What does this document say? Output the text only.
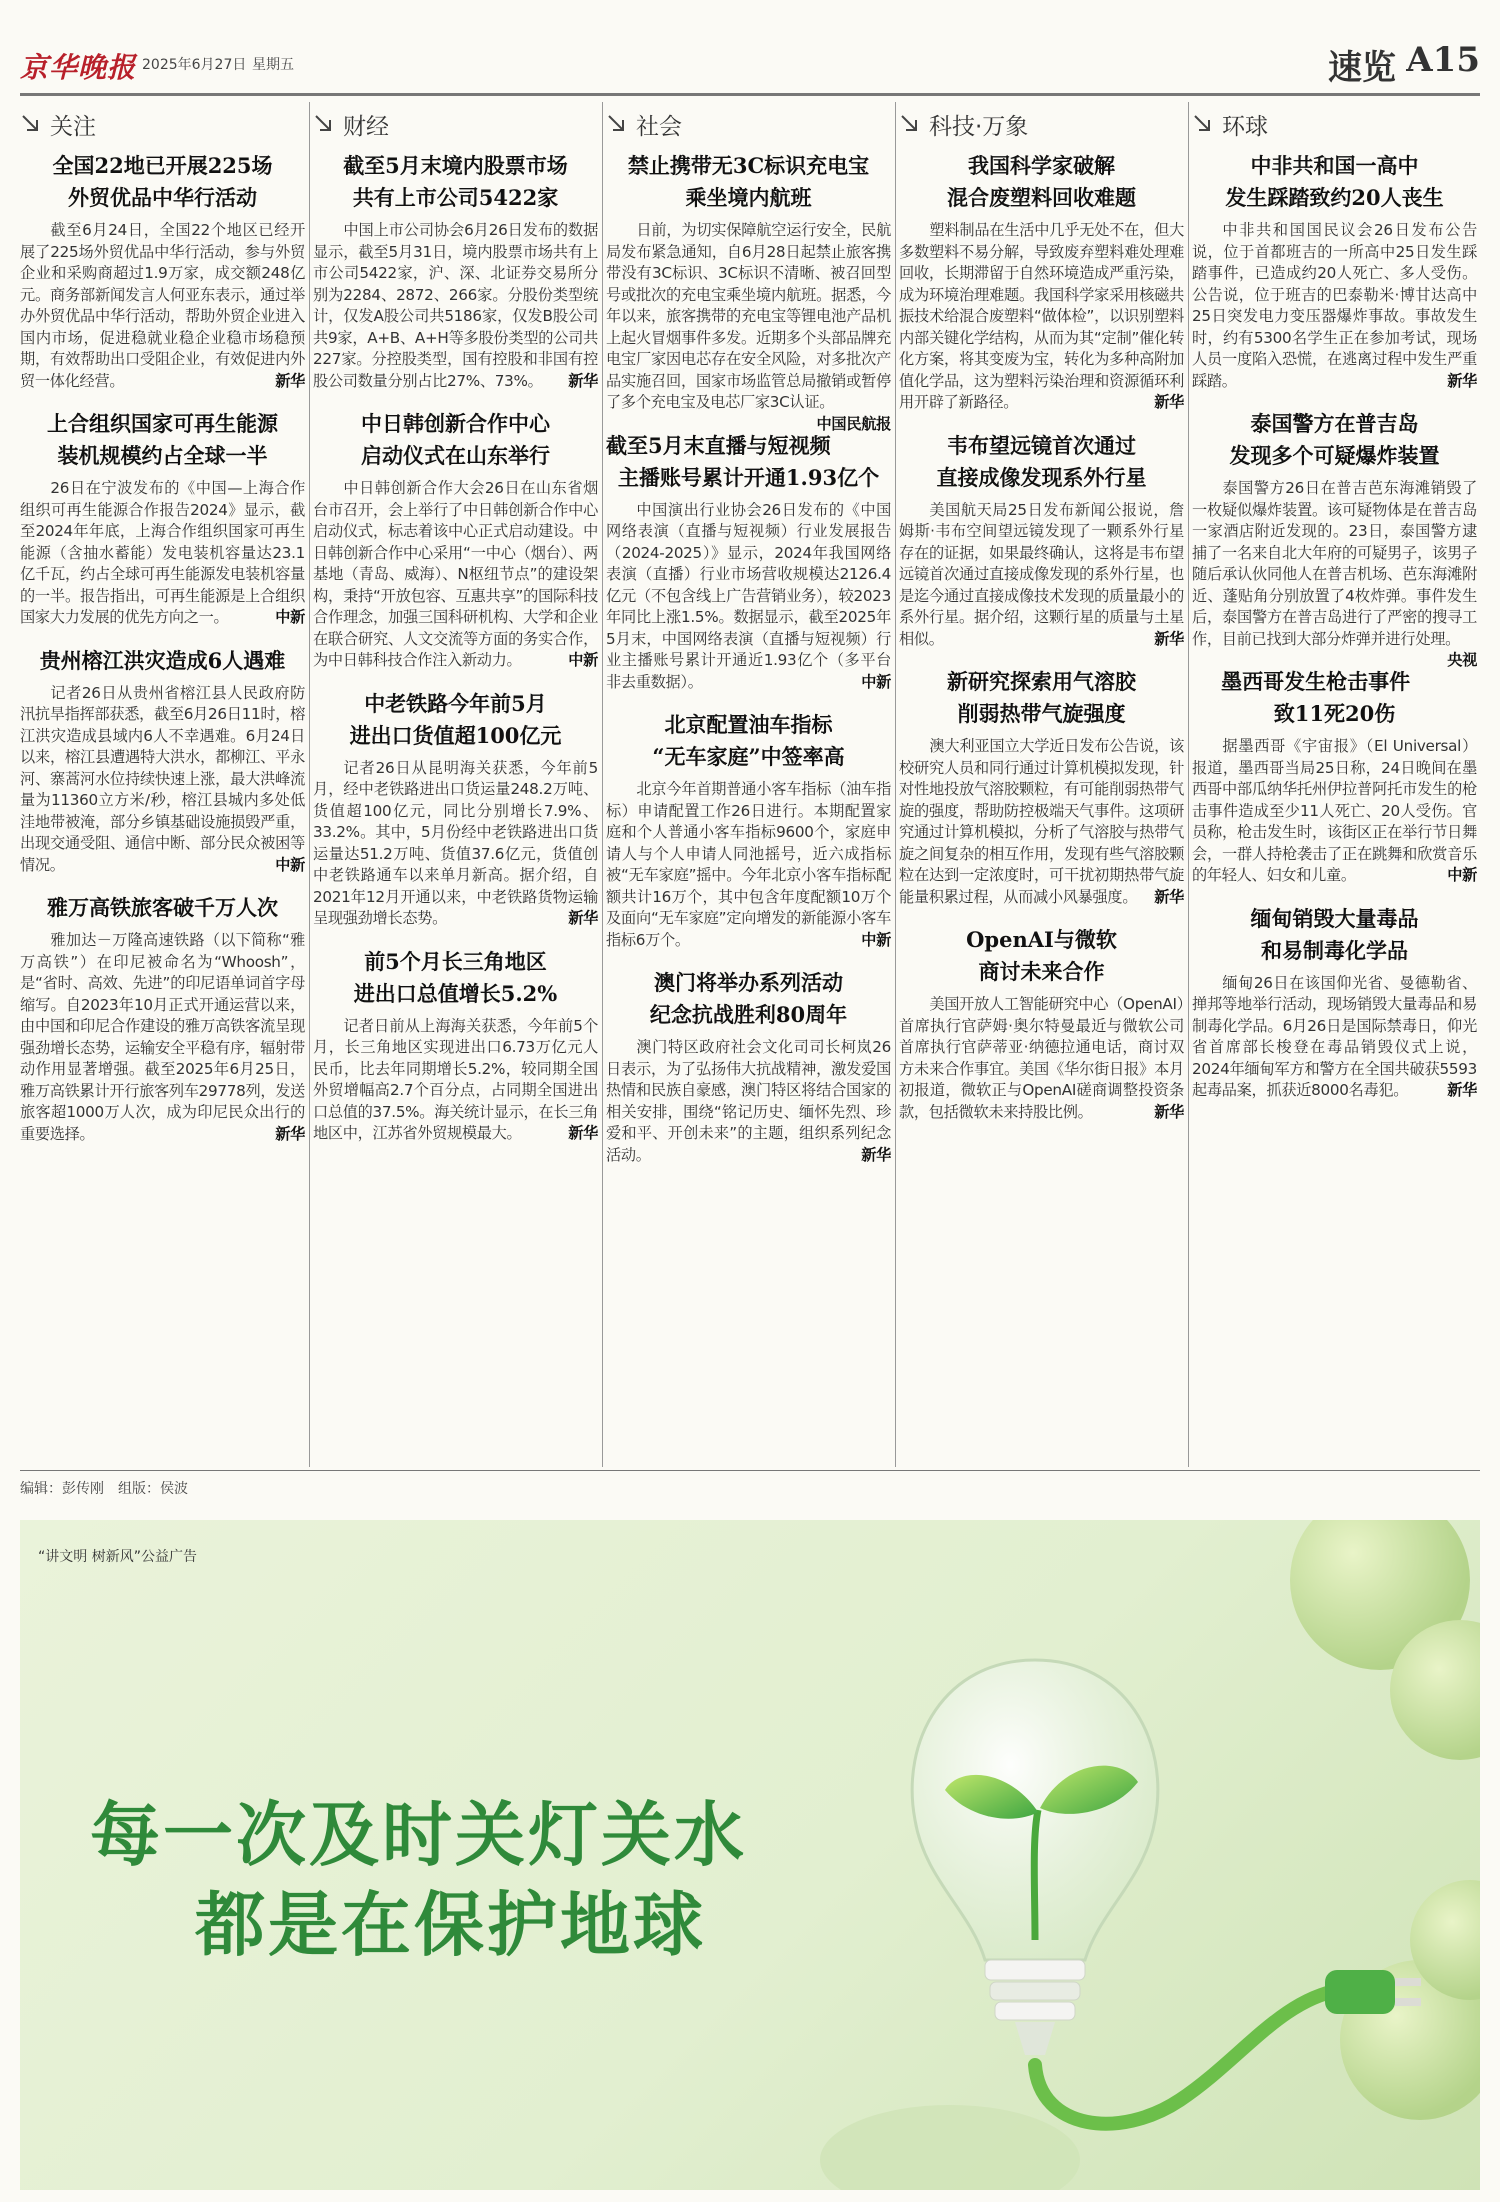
京华晚报 2025年6月27日 星期五	速览 A15
关注
全国22地已开展225场
外贸优品中华行活动
截至6月24日，全国22个地区已经开展了225场外贸优品中华行活动，参与外贸企业和采购商超过1.9万家，成交额248亿元。商务部新闻发言人何亚东表示，通过举办外贸优品中华行活动，帮助外贸企业进入国内市场，促进稳就业稳企业稳市场稳预期，有效帮助出口受阻企业，有效促进内外贸一体化经营。	新华
上合组织国家可再生能源
装机规模约占全球一半
26日在宁波发布的《中国—上海合作组织可再生能源合作报告2024》显示，截至2024年年底，上海合作组织国家可再生能源（含抽水蓄能）发电装机容量达23.1亿千瓦，约占全球可再生能源发电装机容量的一半。报告指出，可再生能源是上合组织国家大力发展的优先方向之一。	中新
贵州榕江洪灾造成6人遇难
记者26日从贵州省榕江县人民政府防汛抗旱指挥部获悉，截至6月26日11时，榕江洪灾造成县域内6人不幸遇难。6月24日以来，榕江县遭遇特大洪水，都柳江、平永河、寨蒿河水位持续快速上涨，最大洪峰流量为11360立方米/秒，榕江县城内多处低洼地带被淹，部分乡镇基础设施损毁严重，出现交通受阻、通信中断、部分民众被困等情况。	中新
雅万高铁旅客破千万人次
雅加达－万隆高速铁路（以下简称“雅万高铁”）在印尼被命名为“Whoosh”，是“省时、高效、先进”的印尼语单词首字母缩写。自2023年10月正式开通运营以来，由中国和印尼合作建设的雅万高铁客流呈现强劲增长态势，运输安全平稳有序，辐射带动作用显著增强。截至2025年6月25日，雅万高铁累计开行旅客列车29778列，发送旅客超1000万人次，成为印尼民众出行的重要选择。	新华
财经
截至5月末境内股票市场
共有上市公司5422家
中国上市公司协会6月26日发布的数据显示，截至5月31日，境内股票市场共有上市公司5422家，沪、深、北证券交易所分别为2284、2872、266家。分股份类型统计，仅发A股公司共5186家，仅发B股公司共9家，A+B、A+H等多股份类型的公司共227家。分控股类型，国有控股和非国有控股公司数量分别占比27%、73%。 新华
中日韩创新合作中心
启动仪式在山东举行
中日韩创新合作大会26日在山东省烟台市召开，会上举行了中日韩创新合作中心启动仪式，标志着该中心正式启动建设。中日韩创新合作中心采用“一中心（烟台）、两基地（青岛、威海）、N枢纽节点”的建设架构，秉持“开放包容、互惠共享”的国际科技合作理念，加强三国科研机构、大学和企业在联合研究、人文交流等方面的务实合作，为中日韩科技合作注入新动力。	中新
中老铁路今年前5月
进出口货值超100亿元
记者26日从昆明海关获悉，今年前5月，经中老铁路进出口货运量248.2万吨、货值超100亿元，同比分别增长7.9%、33.2%。其中，5月份经中老铁路进出口货运量达51.2万吨、货值37.6亿元，货值创中老铁路通车以来单月新高。据介绍，自2021年12月开通以来，中老铁路货物运输呈现强劲增长态势。	新华
前5个月长三角地区
进出口总值增长5.2%
记者日前从上海海关获悉，今年前5个月，长三角地区实现进出口6.73万亿元人民币，比去年同期增长5.2%，较同期全国外贸增幅高2.7个百分点，占同期全国进出口总值的37.5%。海关统计显示，在长三角地区中，江苏省外贸规模最大。	新华
社会
禁止携带无3C标识充电宝
乘坐境内航班
日前，为切实保障航空运行安全，民航局发布紧急通知，自6月28日起禁止旅客携带没有3C标识、3C标识不清晰、被召回型号或批次的充电宝乘坐境内航班。据悉，今年以来，旅客携带的充电宝等锂电池产品机上起火冒烟事件多发。近期多个头部品牌充电宝厂家因电芯存在安全风险，对多批次产品实施召回，国家市场监管总局撤销或暂停了多个充电宝及电芯厂家3C认证。
中国民航报
截至5月末直播与短视频
主播账号累计开通1.93亿个
中国演出行业协会26日发布的《中国网络表演（直播与短视频）行业发展报告（2024-2025）》显示，2024年我国网络表演（直播）行业市场营收规模达2126.4亿元（不包含线上广告营销业务），较2023年同比上涨1.5%。数据显示，截至2025年5月末，中国网络表演（直播与短视频）行业主播账号累计开通近1.93亿个（多平台非去重数据）。	中新
北京配置油车指标
“无车家庭”中签率高
北京今年首期普通小客车指标（油车指标）申请配置工作26日进行。本期配置家庭和个人普通小客车指标9600个，家庭申请人与个人申请人同池摇号，近六成指标被“无车家庭”摇中。今年北京小客车指标配额共计16万个，其中包含年度配额10万个及面向“无车家庭”定向增发的新能源小客车指标6万个。	中新
澳门将举办系列活动
纪念抗战胜利80周年
澳门特区政府社会文化司司长柯岚26日表示，为了弘扬伟大抗战精神，激发爱国热情和民族自豪感，澳门特区将结合国家的相关安排，围绕“铭记历史、缅怀先烈、珍爱和平、开创未来”的主题，组织系列纪念活动。	新华
科技·万象
我国科学家破解
混合废塑料回收难题
塑料制品在生活中几乎无处不在，但大多数塑料不易分解，导致废弃塑料难处理难回收，长期滞留于自然环境造成严重污染，成为环境治理难题。我国科学家采用核磁共振技术给混合废塑料“做体检”，以识别塑料内部关键化学结构，从而为其“定制”催化转化方案，将其变废为宝，转化为多种高附加值化学品，这为塑料污染治理和资源循环利用开辟了新路径。	新华
韦布望远镜首次通过
直接成像发现系外行星
美国航天局25日发布新闻公报说，詹姆斯·韦布空间望远镜发现了一颗系外行星存在的证据，如果最终确认，这将是韦布望远镜首次通过直接成像发现的系外行星，也是迄今通过直接成像技术发现的质量最小的系外行星。据介绍，这颗行星的质量与土星相似。	新华
新研究探索用气溶胶
削弱热带气旋强度
澳大利亚国立大学近日发布公告说，该校研究人员和同行通过计算机模拟发现，针对性地投放气溶胶颗粒，有可能削弱热带气旋的强度，帮助防控极端天气事件。这项研究通过计算机模拟，分析了气溶胶与热带气旋之间复杂的相互作用，发现有些气溶胶颗粒在达到一定浓度时，可干扰初期热带气旋能量积累过程，从而减小风暴强度。 新华
OpenAI与微软
商讨未来合作
美国开放人工智能研究中心（OpenAI）首席执行官萨姆·奥尔特曼最近与微软公司首席执行官萨蒂亚·纳德拉通电话，商讨双方未来合作事宜。美国《华尔街日报》本月初报道，微软正与OpenAI磋商调整投资条款，包括微软未来持股比例。	新华
环球
中非共和国一高中
发生踩踏致约20人丧生
中非共和国国民议会26日发布公告说，位于首都班吉的一所高中25日发生踩踏事件，已造成约20人死亡、多人受伤。公告说，位于班吉的巴泰勒米·博甘达高中25日突发电力变压器爆炸事故。事故发生时，约有5300名学生正在参加考试，现场人员一度陷入恐慌，在逃离过程中发生严重踩踏。	新华
泰国警方在普吉岛
发现多个可疑爆炸装置
泰国警方26日在普吉芭东海滩销毁了一枚疑似爆炸装置。该可疑物体是在普吉岛一家酒店附近发现的。23日，泰国警方逮捕了一名来自北大年府的可疑男子，该男子随后承认伙同他人在普吉机场、芭东海滩附近、蓬贴角分别放置了4枚炸弹。事件发生后，泰国警方在普吉岛进行了严密的搜寻工作，目前已找到大部分炸弹并进行处理。
央视
墨西哥发生枪击事件
致11死20伤
据墨西哥《宇宙报》（El Universal）报道，墨西哥当局25日称，24日晚间在墨西哥中部瓜纳华托州伊拉普阿托市发生的枪击事件造成至少11人死亡、20人受伤。官员称，枪击发生时，该街区正在举行节日舞会，一群人持枪袭击了正在跳舞和欣赏音乐的年轻人、妇女和儿童。	中新
缅甸销毁大量毒品
和易制毒化学品
缅甸26日在该国仰光省、曼德勒省、掸邦等地举行活动，现场销毁大量毒品和易制毒化学品。6月26日是国际禁毒日，仰光省首席部长梭登在毒品销毁仪式上说，2024年缅甸军方和警方在全国共破获5593起毒品案，抓获近8000名毒犯。	新华
编辑：彭传刚　组版：侯波
“讲文明 树新风”公益广告
每一次及时关灯关水
都是在保护地球
